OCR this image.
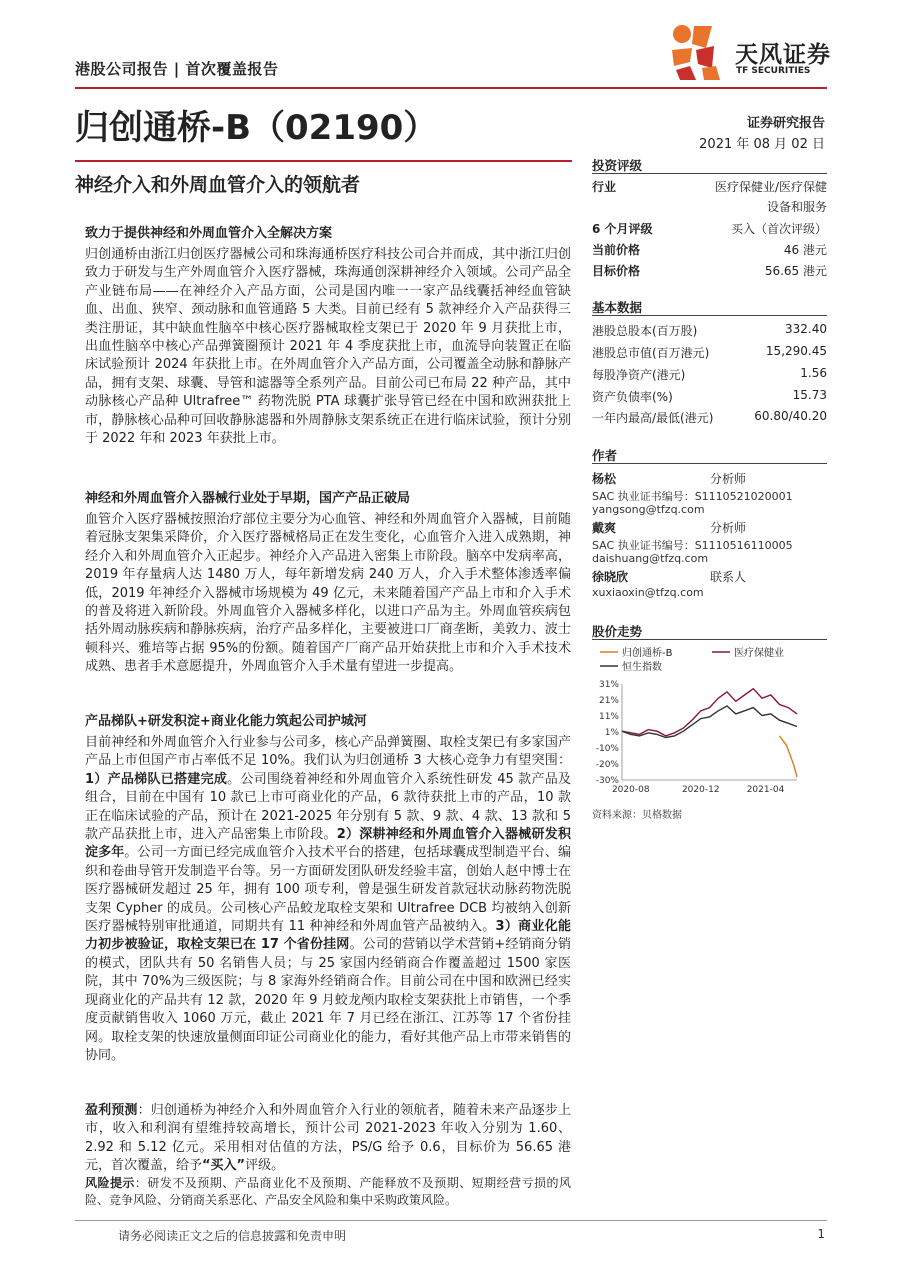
港股公司报告 | 首次覆盖报告
天风证券
TF SECURITIES
归创通桥-B（02190）	证券研究报告
2021 年 08 月 02 日
神经介入和外周血管介入的领航者
致力于提供神经和外周血管介入全解决方案

归创通桥由浙江归创医疗器械公司和珠海通桥医疗科技公司合并而成，其中浙江归创致力于研发与生产外周血管介入医疗器械，珠海通创深耕神经介入领域。公司产品全产业链布局——在神经介入产品方面，公司是国内唯一一家产品线囊括神经血管缺血、出血、狭窄、颈动脉和血管通路 5 大类。目前已经有 5 款神经介入产品获得三类注册证，其中缺血性脑卒中核心医疗器械取栓支架已于 2020 年 9 月获批上市，出血性脑卒中核心产品弹簧圈预计 2021 年 4 季度获批上市，血流导向装置正在临床试验预计 2024 年获批上市。在外周血管介入产品方面，公司覆盖全动脉和静脉产品，拥有支架、球囊、导管和滤器等全系列产品。目前公司已布局 22 种产品，其中动脉核心产品种 Ultrafree™ 药物洗脱 PTA 球囊扩张导管已经在中国和欧洲获批上市，静脉核心品种可回收静脉滤器和外周静脉支架系统正在进行临床试验，预计分别于 2022 年和 2023 年获批上市。

神经和外周血管介入器械行业处于早期，国产产品正破局

血管介入医疗器械按照治疗部位主要分为心血管、神经和外周血管介入器械，目前随着冠脉支架集采降价，介入医疗器械格局正在发生变化，心血管介入进入成熟期，神经介入和外周血管介入正起步。神经介入产品进入密集上市阶段。脑卒中发病率高，2019 年存量病人达 1480 万人，每年新增发病 240 万人，介入手术整体渗透率偏低，2019 年神经介入器械市场规模为 49 亿元，未来随着国产产品上市和介入手术的普及将进入新阶段。外周血管介入器械多样化，以进口产品为主。外周血管疾病包括外周动脉疾病和静脉疾病，治疗产品多样化，主要被进口厂商垄断，美敦力、波士顿科兴、雅培等占据 95%的份额。随着国产厂商产品开始获批上市和介入手术技术成熟、患者手术意愿提升，外周血管介入手术量有望进一步提高。

产品梯队+研发积淀+商业化能力筑起公司护城河

目前神经和外周血管介入行业参与公司多，核心产品弹簧圈、取栓支架已有多家国产产品上市但国产市占率低不足 10%。我们认为归创通桥 3 大核心竞争力有望突围：1）产品梯队已搭建完成。公司围绕着神经和外周血管介入系统性研发 45 款产品及组合，目前在中国有 10 款已上市可商业化的产品，6 款待获批上市的产品，10 款正在临床试验的产品，预计在 2021-2025 年分别有 5 款、9 款、4 款、13 款和 5 款产品获批上市，进入产品密集上市阶段。2）深耕神经和外周血管介入器械研发积淀多年。公司一方面已经完成血管介入技术平台的搭建，包括球囊成型制造平台、编织和卷曲导管开发制造平台等。另一方面研发团队研发经验丰富，创始人赵中博士在医疗器械研发超过 25 年，拥有 100 项专利，曾是强生研发首款冠状动脉药物洗脱支架 Cypher 的成员。公司核心产品蛟龙取栓支架和 Ultrafree DCB 均被纳入创新医疗器械特别审批通道，同期共有 11 种神经和外周血管产品被纳入。3）商业化能力初步被验证，取栓支架已在 17 个省份挂网。公司的营销以学术营销+经销商分销的模式，团队共有 50 名销售人员；与 25 家国内经销商合作覆盖超过 1500 家医院，其中 70%为三级医院；与 8 家海外经销商合作。目前公司在中国和欧洲已经实现商业化的产品共有 12 款，2020 年 9 月蛟龙颅内取栓支架获批上市销售，一个季度贡献销售收入 1060 万元，截止 2021 年 7 月已经在浙江、江苏等 17 个省份挂网。取栓支架的快速放量侧面印证公司商业化的能力，看好其他产品上市带来销售的协同。

盈利预测：归创通桥为神经介入和外周血管介入行业的领航者，随着未来产品逐步上市，收入和利润有望维持较高增长，预计公司 2021-2023 年收入分别为 1.60、2.92 和 5.12 亿元。采用相对估值的方法，PS/G 给予 0.6，目标价为 56.65 港元，首次覆盖，给予“买入”评级。

风险提示：研发不及预期、产品商业化不及预期、产能释放不及预期、短期经营亏损的风险、竞争风险、分销商关系恶化、产品安全风险和集中采购政策风险。

投资评级
行业	医疗保健业/医疗保健
设备和服务
6 个月评级	买入（首次评级）
当前价格	46 港元
目标价格	56.65 港元
基本数据
港股总股本(百万股)	332.40
港股总市值(百万港元)	15,290.45
每股净资产(港元)	1.56
资产负债率(%)	15.73
一年内最高/最低(港元)	60.80/40.20
作者
杨松	分析师
SAC 执业证书编号：S1110521020001
yangsong@tfzq.com
戴爽	分析师
SAC 执业证书编号：S1110516110005
daishuang@tfzq.com
徐晓欣	联系人
xuxiaoxin@tfzq.com
股价走势
归创通桥-B	医疗保健业
恒生指数
31%
21%
11%
1%
-10%
-20%
-30%
2020-08	2020-12	2021-04
资料来源：贝格数据
请务必阅读正文之后的信息披露和免责申明	1
